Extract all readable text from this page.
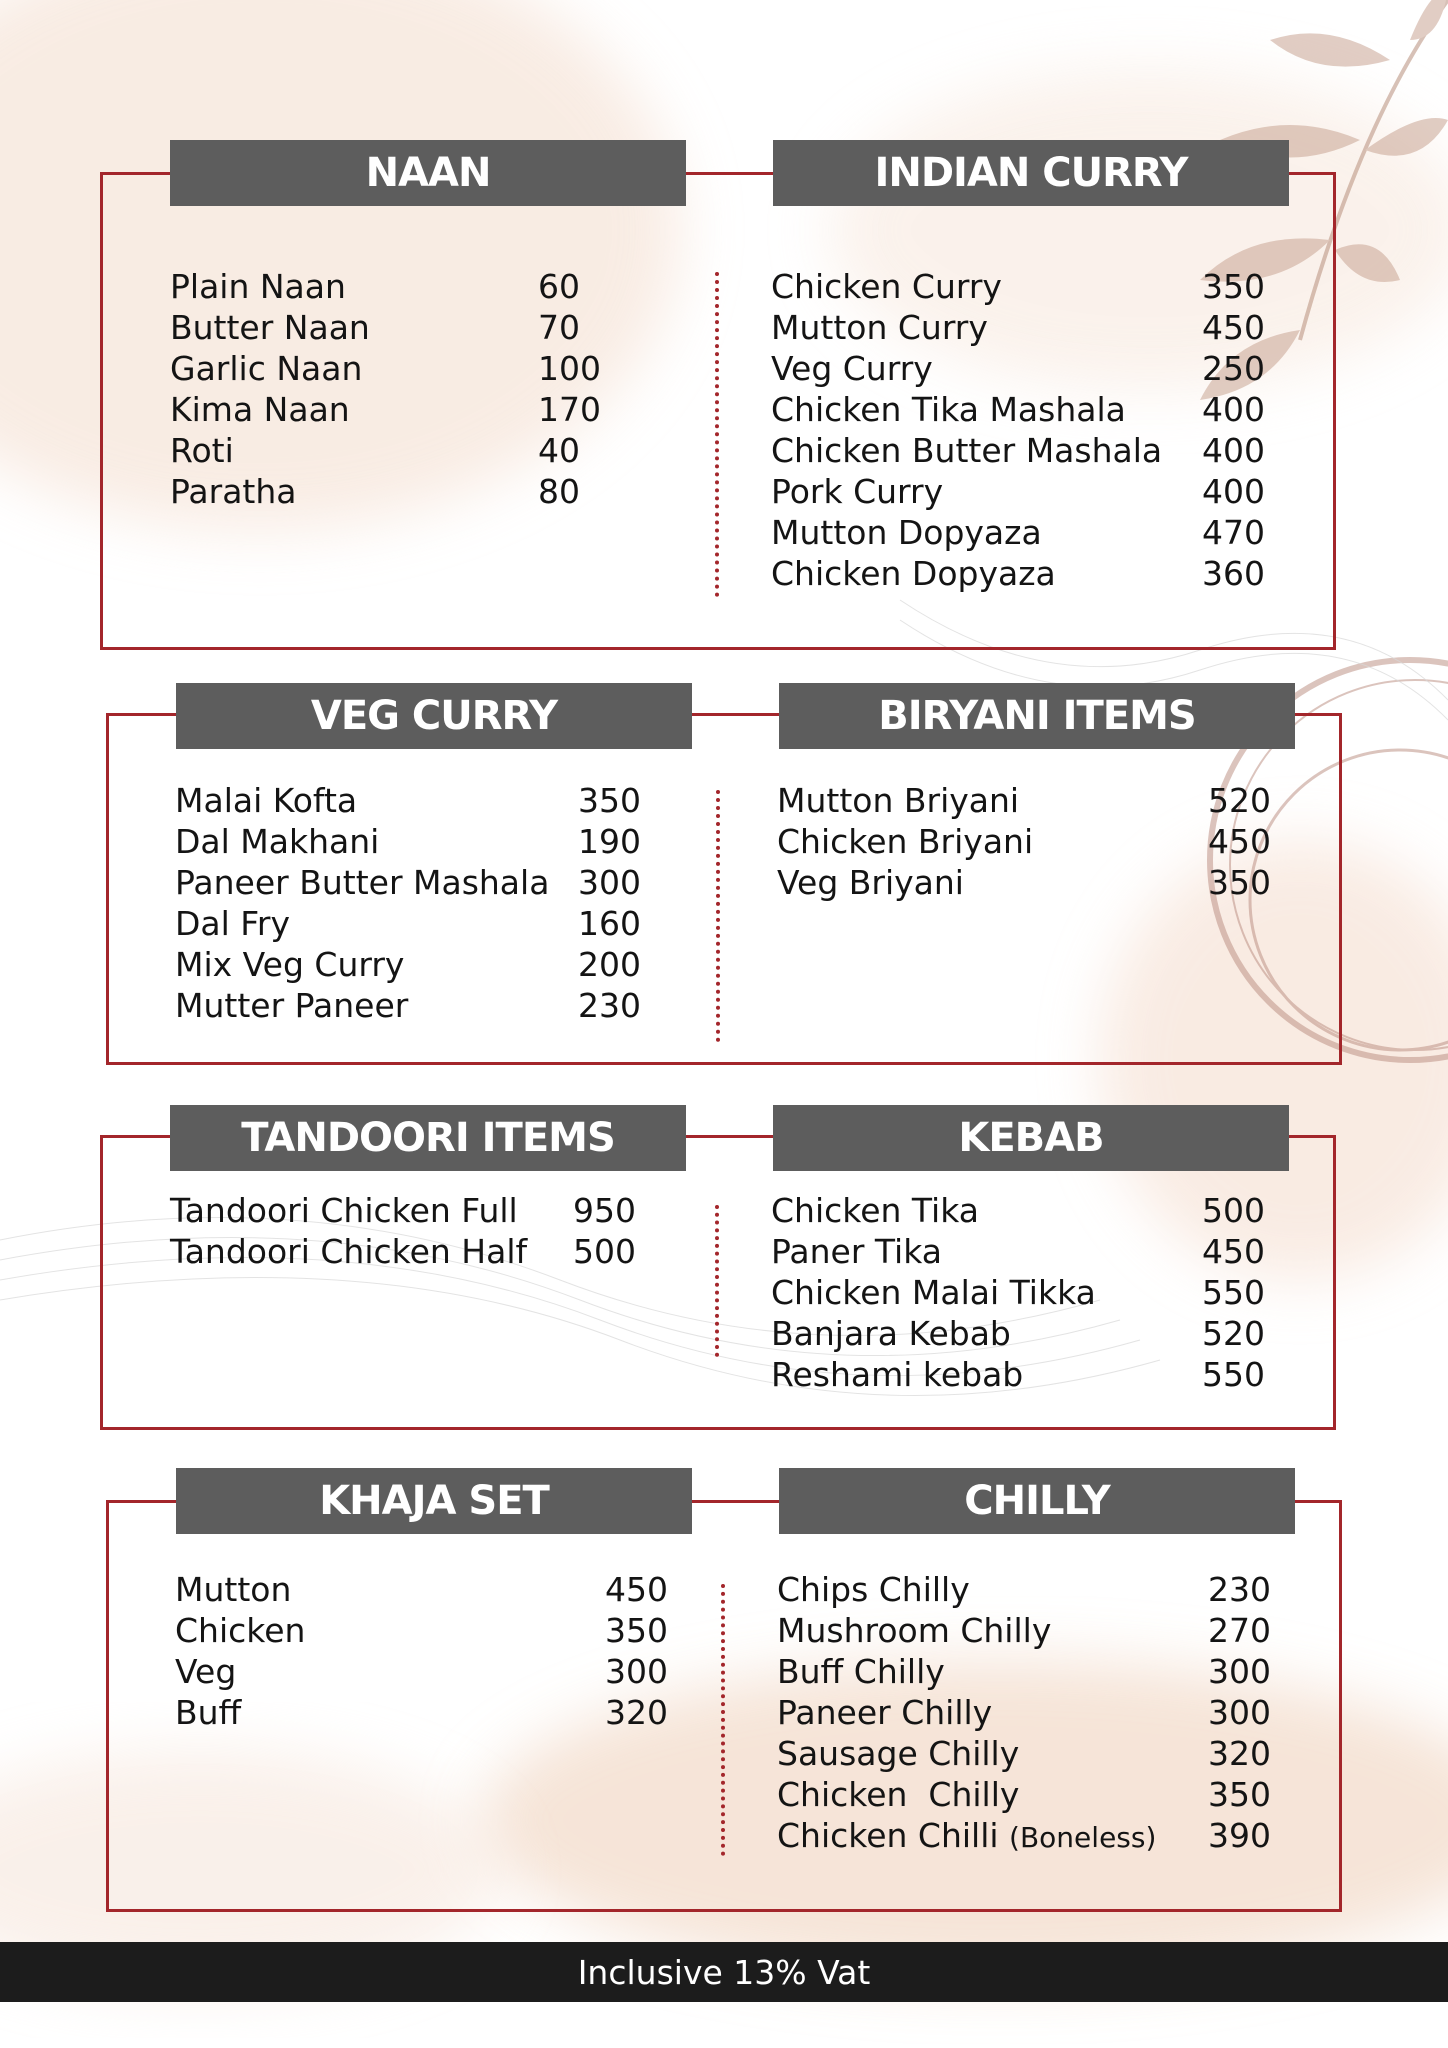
NAAN
Plain Naan	60
Butter Naan	70
Garlic Naan	100
Kima Naan	170
Roti	40
Paratha	80
INDIAN CURRY
Chicken Curry	350
Mutton Curry	450
Veg Curry	250
Chicken Tika Mashala 400
Chicken Butter Mashala 400
Pork Curry	400
Mutton Dopyaza	470
Chicken Dopyaza	360
VEG CURRY
Malai Kofta	350
Dal Makhani	190
Paneer Butter Mashala 300
Dal Fry	160
Mix Veg Curry	200
Mutter Paneer	230
BIRYANI ITEMS
Mutton Briyani	520
Chicken Briyani	450
Veg Briyani	350
TANDOORI ITEMS
Tandoori Chicken Full 950
Tandoori Chicken Half 500
KEBAB
Chicken Tika	500
Paner Tika	450
Chicken Malai Tikka	550
Banjara Kebab	520
Reshami kebab	550
KHAJA SET
Mutton	450
Chicken	350
Veg	300
Buff	320
CHILLY
Chips Chilly	230
Mushroom Chilly	270
Buff Chilly	300
Paneer Chilly	300
Sausage Chilly	320
Chicken  Chilly	350
Chicken Chilli (Boneless) 390
Inclusive 13% Vat
